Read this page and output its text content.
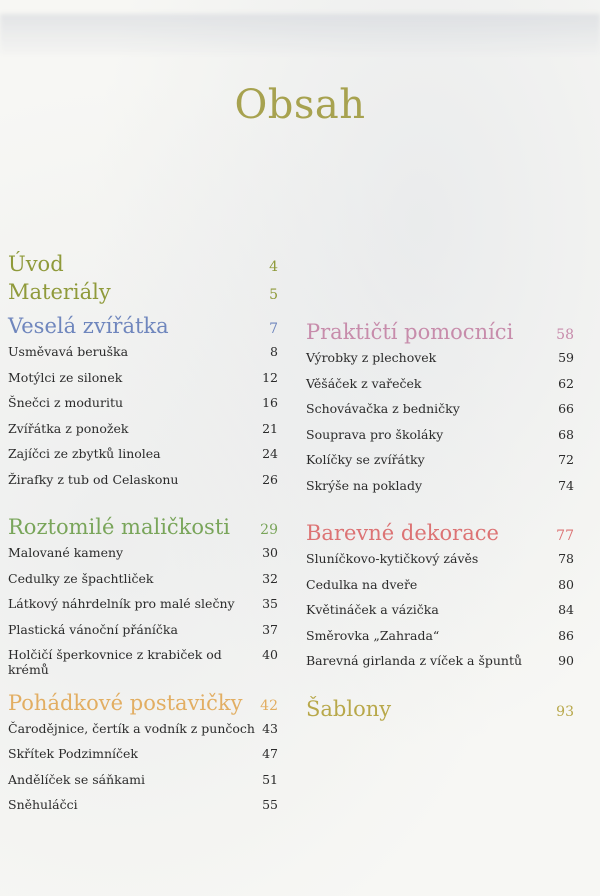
Obsah
Úvod	4
Materiály	5
Veselá zvířátka	7
Usměvavá beruška	8
Motýlci ze silonek	12
Šnečci z moduritu	16
Zvířátka z ponožek	21
Zajíčci ze zbytků linolea	24
Žirafky z tub od Celaskonu	26
Roztomilé maličkosti 29
Malované kameny	30
Cedulky ze špachtliček	32
Látkový náhrdelník pro malé slečny 35
Plastická vánoční přáníčka	37
Holčičí šperkovnice z krabiček od krémů
40
Pohádkové postavičky 42
Čarodějnice, čertík a vodník z punčoch 43
Skřítek Podzimníček	47
Andělíček se sáňkami	51
Sněhuláčci	55
Praktičtí pomocníci	58
Výrobky z plechovek	59
Věšáček z vařeček	62
Schovávačka z bedničky	66
Souprava pro školáky	68
Kolíčky se zvířátky	72
Skrýše na poklady	74
Barevné dekorace	77
Sluníčkovo-kytičkový závěs	78
Cedulka na dveře	80
Květináček a vázička	84
Směrovka „Zahrada“	86
Barevná girlanda z víček a špuntů	90
Šablony	93
